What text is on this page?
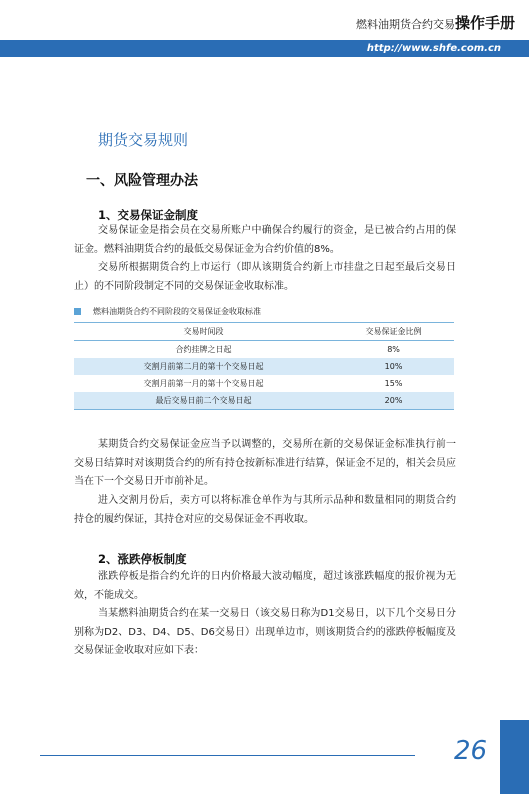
燃料油期货合约交易操作手册
http://www.shfe.com.cn
期货交易规则
一、风险管理办法
1、交易保证金制度

交易保证金是指会员在交易所账户中确保合约履行的资金，是已被合约占用的保证金。燃料油期货合约的最低交易保证金为合约价值的8%。

交易所根据期货合约上市运行（即从该期货合约新上市挂盘之日起至最后交易日止）的不同阶段制定不同的交易保证金收取标准。

燃料油期货合约不同阶段的交易保证金收取标准
交易时间段	交易保证金比例
合约挂牌之日起	8%
交割月前第二月的第十个交易日起	10%
交割月前第一月的第十个交易日起	15%
最后交易日前二个交易日起	20%

某期货合约交易保证金应当予以调整的，交易所在新的交易保证金标准执行前一交易日结算时对该期货合约的所有持仓按新标准进行结算，保证金不足的，相关会员应当在下一个交易日开市前补足。

进入交割月份后，卖方可以将标准仓单作为与其所示品种和数量相同的期货合约持仓的履约保证，其持仓对应的交易保证金不再收取。

2、涨跌停板制度

涨跌停板是指合约允许的日内价格最大波动幅度，超过该涨跌幅度的报价视为无效，不能成交。

当某燃料油期货合约在某一交易日（该交易日称为D1交易日，以下几个交易日分别称为D2、D3、D4、D5、D6交易日）出现单边市，则该期货合约的涨跌停板幅度及交易保证金收取对应如下表：

26
